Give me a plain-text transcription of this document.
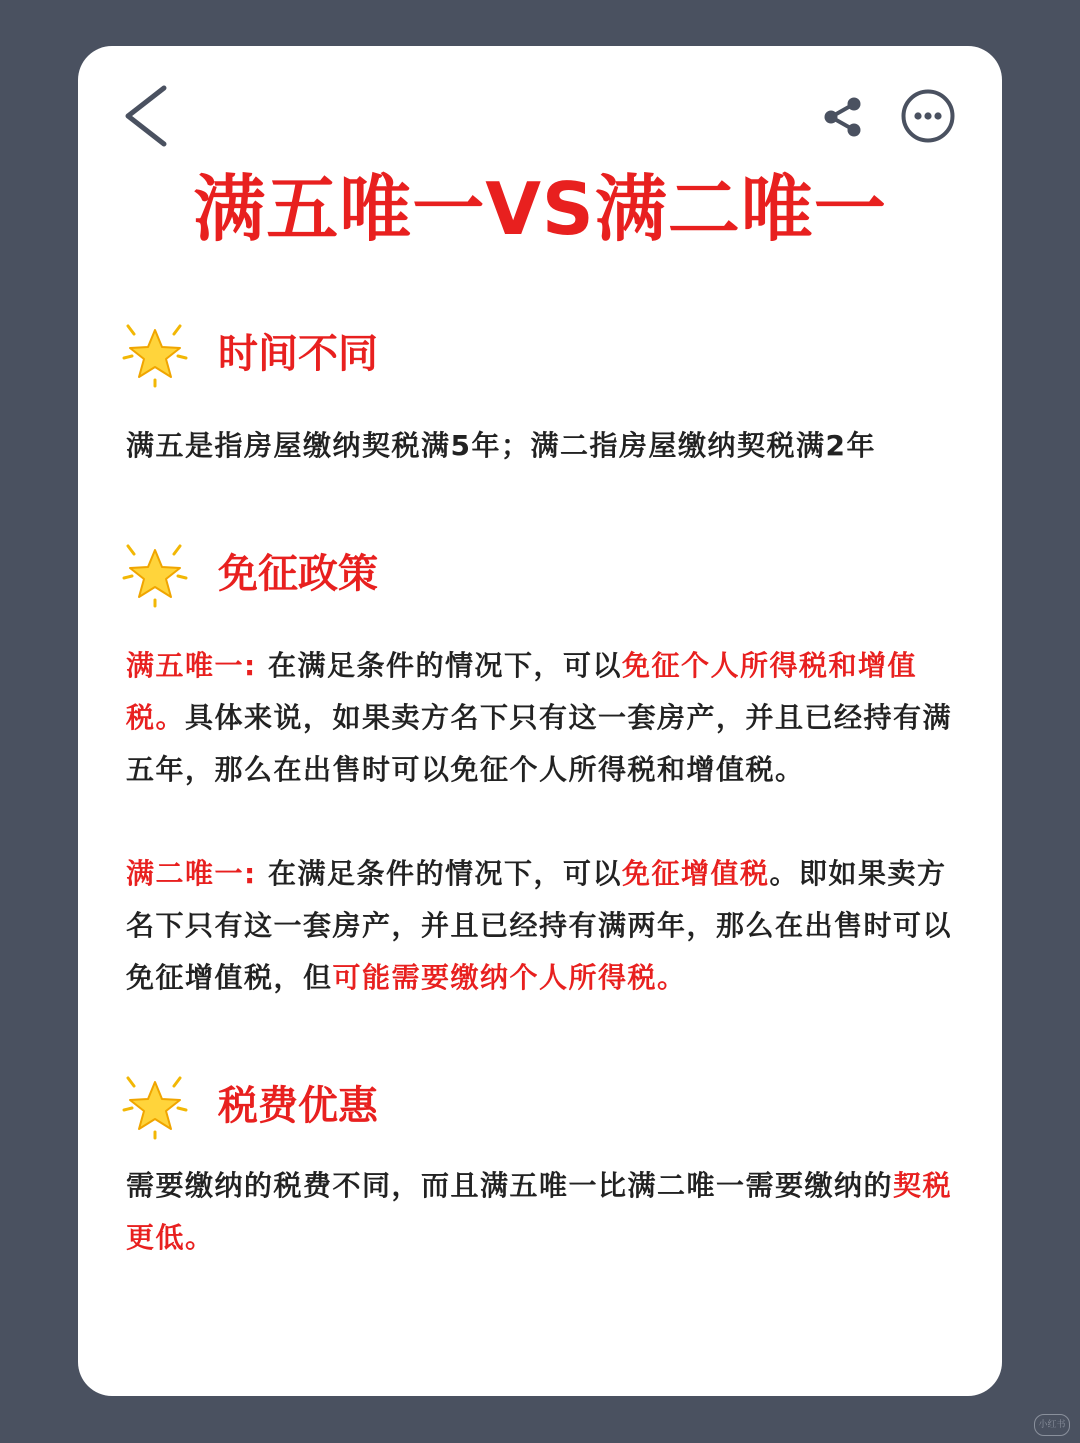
满五唯一VS满二唯一
时间不同
满五是指房屋缴纳契税满5年；满二指房屋缴纳契税满2年
免征政策
满五唯一: 在满足条件的情况下，可以免征个人所得税和增值税。具体来说，如果卖方名下只有这一套房产，并且已经持有满五年，那么在出售时可以免征个人所得税和增值税。
满二唯一: 在满足条件的情况下，可以免征增值税。即如果卖方名下只有这一套房产，并且已经持有满两年，那么在出售时可以免征增值税，但可能需要缴纳个人所得税。
税费优惠
需要缴纳的税费不同，而且满五唯一比满二唯一需要缴纳的契税更低。
小红书
